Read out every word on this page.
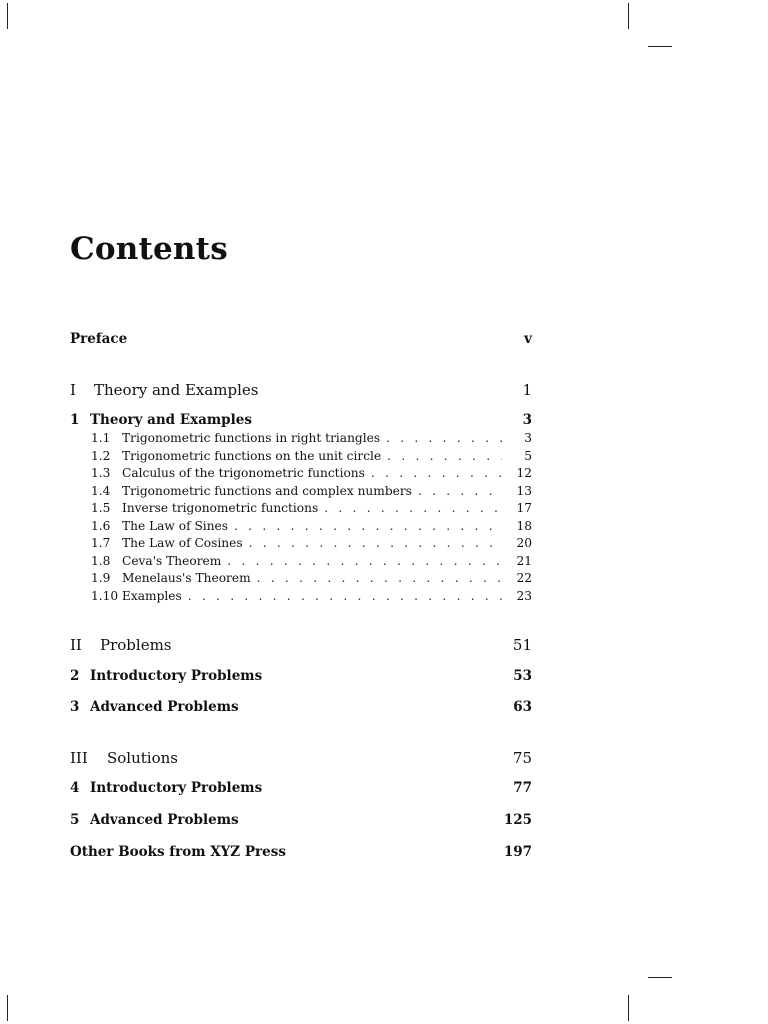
Contents
Preface	v
I	Theory and Examples	1
1 Theory and Examples	3
1.1 Trigonometric functions in right triangles . . .	3
1.2 Trigonometric functions on the unit circle . . .	5
1.3 Calculus of the trigonometric functions . . .	12
1.4 Trigonometric functions and complex numbers . . .	13
1.5 Inverse trigonometric functions . . .	17
1.6 The Law of Sines . . .	18
1.7 The Law of Cosines . . .	20
1.8 Ceva's Theorem . . .	21
1.9 Menelaus's Theorem . . .	22
1.10 Examples . . .	23
II	Problems	51
2 Introductory Problems	53
3 Advanced Problems	63
III	Solutions	75
4 Introductory Problems	77
5 Advanced Problems	125
Other Books from XYZ Press	197
